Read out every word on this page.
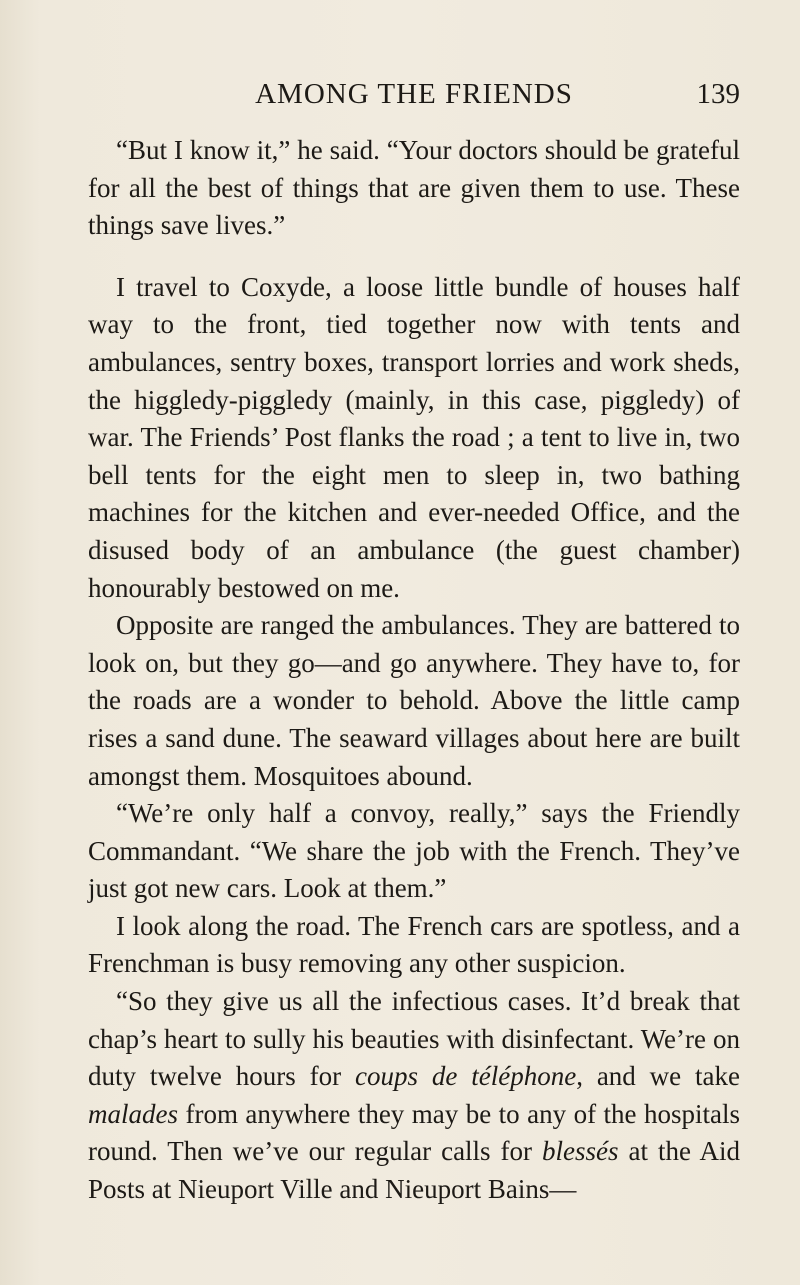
AMONG THE FRIENDS	139

“But I know it,” he said. “Your doctors should be grateful for all the best of things that are given them to use. These things save lives.”

I travel to Coxyde, a loose little bundle of houses half way to the front, tied together now with tents and ambulances, sentry boxes, transport lorries and work sheds, the higgledy-piggledy (mainly, in this case, piggledy) of war. The Friends’ Post flanks the road ; a tent to live in, two bell tents for the eight men to sleep in, two bathing machines for the kitchen and ever-needed Office, and the disused body of an ambulance (the guest chamber) honourably bestowed on me.

Opposite are ranged the ambulances. They are battered to look on, but they go—and go anywhere. They have to, for the roads are a wonder to behold. Above the little camp rises a sand dune. The seaward villages about here are built amongst them. Mosquitoes abound.

“We’re only half a convoy, really,” says the Friendly Commandant. “We share the job with the French. They’ve just got new cars. Look at them.”

I look along the road. The French cars are spotless, and a Frenchman is busy removing any other suspicion.

“So they give us all the infectious cases. It’d break that chap’s heart to sully his beauties with disinfectant. We’re on duty twelve hours for coups de téléphone, and we take malades from anywhere they may be to any of the hospitals round. Then we’ve our regular calls for blessés at the Aid Posts at Nieuport Ville and Nieuport Bains—
